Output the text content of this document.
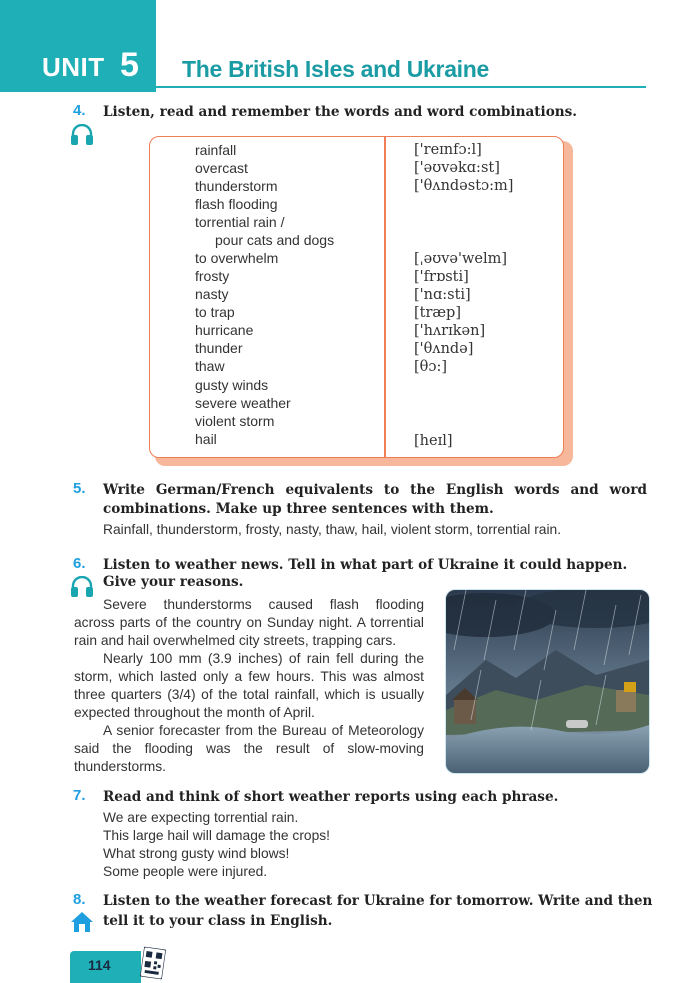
UNIT 5 The British Isles and Ukraine
4. Listen, read and remember the words and word combinations.
rainfall	['reɪnfɔ:l]
overcast	['əʊvəkɑ:st]
thunderstorm	['θʌndəstɔ:m]
flash flooding
torrential rain /
pour cats and dogs
to overwhelm	[ˌəʊvə'welm]
frosty	['frɒsti]
nasty	['nɑ:sti]
to trap	[træp]
hurricane	['hʌrɪkən]
thunder	['θʌndə]
thaw	[θɔ:]
gusty winds
severe weather
violent storm
hail	[heɪl]
5. Write German/French equivalents to the English words and word
combinations. Make up three sentences with them.
Rainfall, thunderstorm, frosty, nasty, thaw, hail, violent storm, torrential rain.
6. Listen to weather news. Tell in what part of Ukraine it could happen.
Give your reasons.
Severe thunderstorms caused flash flooding
across parts of the country on Sunday night. A torrential
rain and hail overwhelmed city streets, trapping cars.
Nearly 100 mm (3.9 inches) of rain fell during the
storm, which lasted only a few hours. This was almost
three quarters (3/4) of the total rainfall, which is usually
expected throughout the month of April.
A senior forecaster from the Bureau of Meteorology
said the flooding was the result of slow-moving
thunderstorms.
7. Read and think of short weather reports using each phrase.
We are expecting torrential rain.
This large hail will damage the crops!
What strong gusty wind blows!
Some people were injured.
8. Listen to the weather forecast for Ukraine for tomorrow. Write and then
tell it to your class in English.
114
